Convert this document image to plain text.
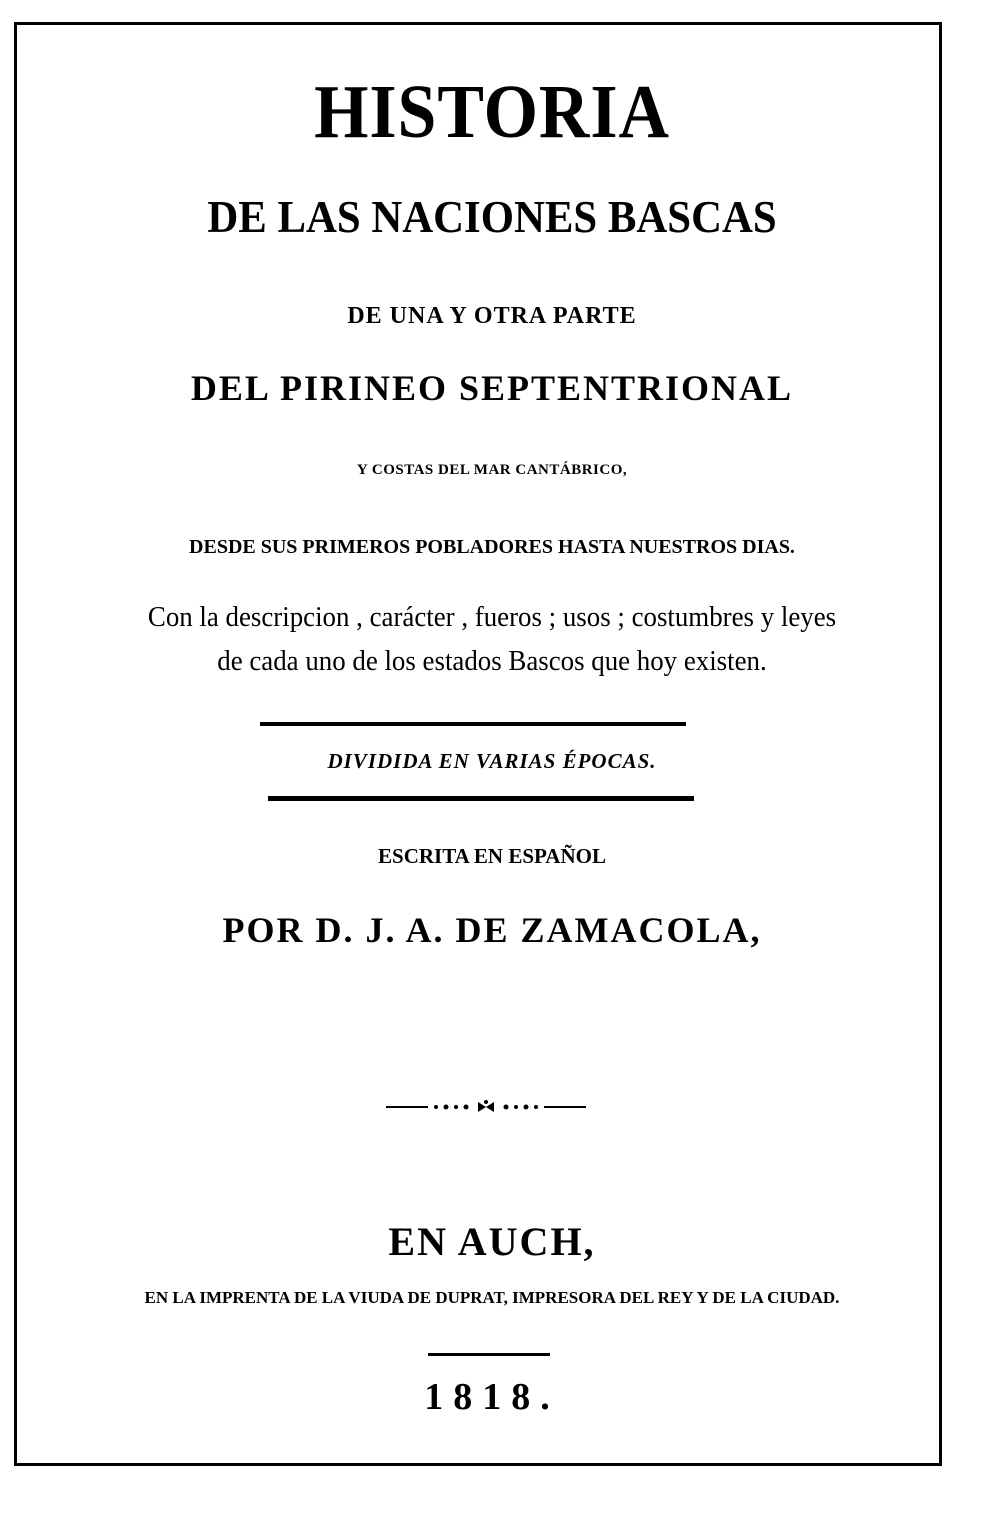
HISTORIA
DE LAS NACIONES BASCAS
DE UNA Y OTRA PARTE
DEL PIRINEO SEPTENTRIONAL
Y COSTAS DEL MAR CANTÁBRICO,
DESDE SUS PRIMEROS POBLADORES HASTA NUESTROS DIAS.
Con la descripcion , carácter , fueros ; usos ; costumbres y leyes
de cada uno de los estados Bascos que hoy existen.
DIVIDIDA EN VARIAS ÉPOCAS.
ESCRITA EN ESPAÑOL
POR D. J. A. DE ZAMACOLA,
EN AUCH,
EN LA IMPRENTA DE LA VIUDA DE DUPRAT, IMPRESORA DEL REY Y DE LA CIUDAD.
1818.
